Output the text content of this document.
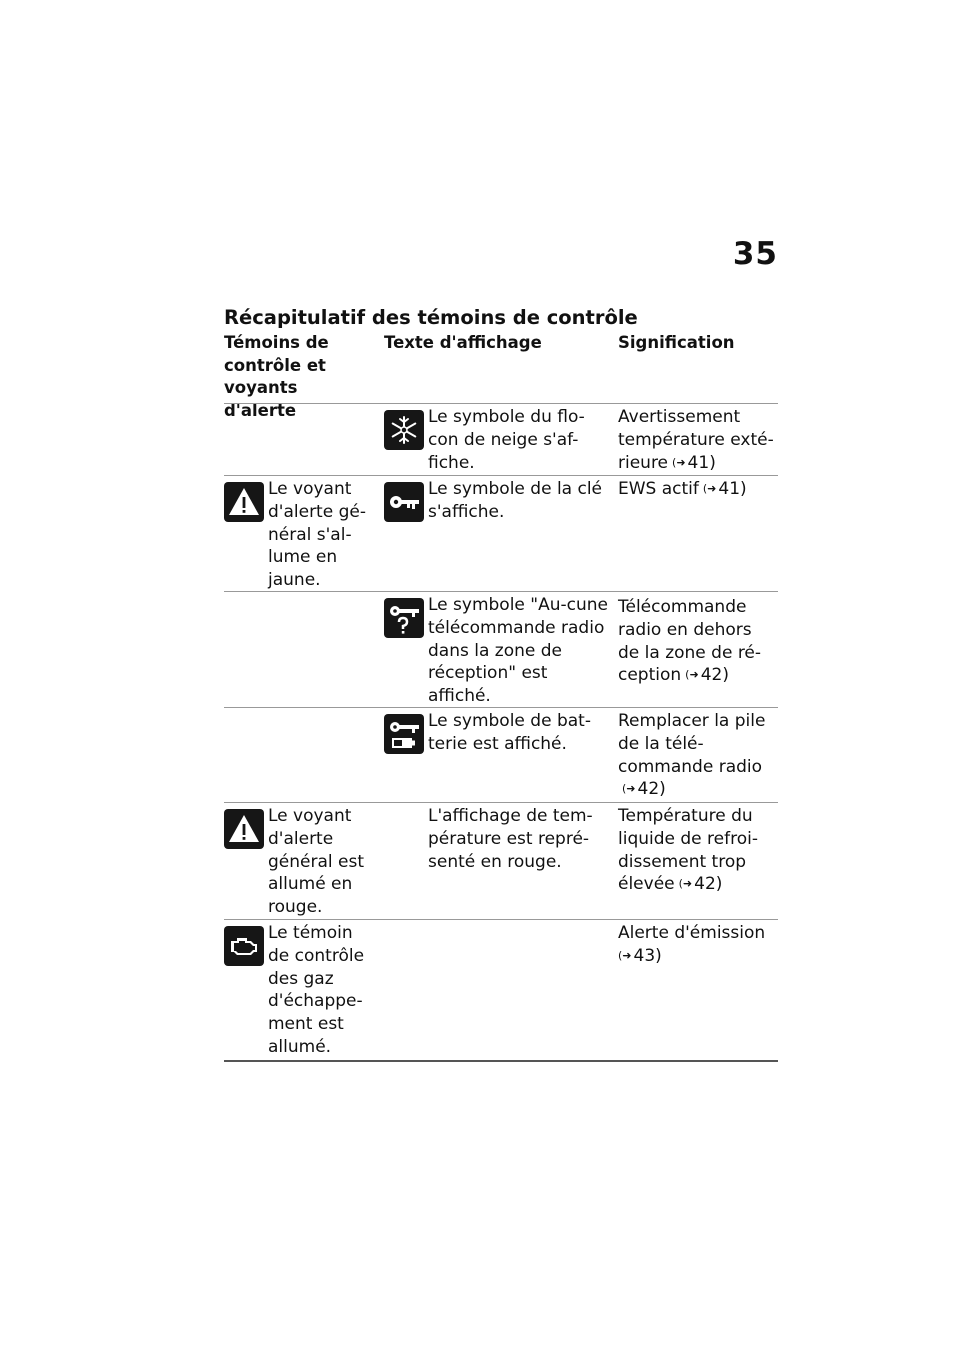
35
Récapitulatif des témoins de contrôle
Témoins de contrôle et voyants d'alerte
Texte d'affichage	Signification
Le symbole du flo-con de neige s'af-fiche.
Avertissement température exté-rieure (➜ 41)
Le voyant d'alerte gé-néral s'al-lume en jaune.
Le symbole de la clé s'affiche.
EWS actif (➜ 41)
Le symbole "Au-cune télécommande radio dans la zone de réception" est affiché.
Télécommande radio en dehors de la zone de ré-ception (➜ 42)
Le symbole de bat-terie est affiché.
Remplacer la pile de la télé-commande radio(➜ 42)
Le voyant d'alerte général est allumé en rouge.
L'affichage de tem-pérature est repré-senté en rouge.
Température du liquide de refroi-dissement trop élevée (➜ 42)
Le témoin de contrôle des gaz d'échappe-ment est allumé.
Alerte d'émission
(➜ 43)
